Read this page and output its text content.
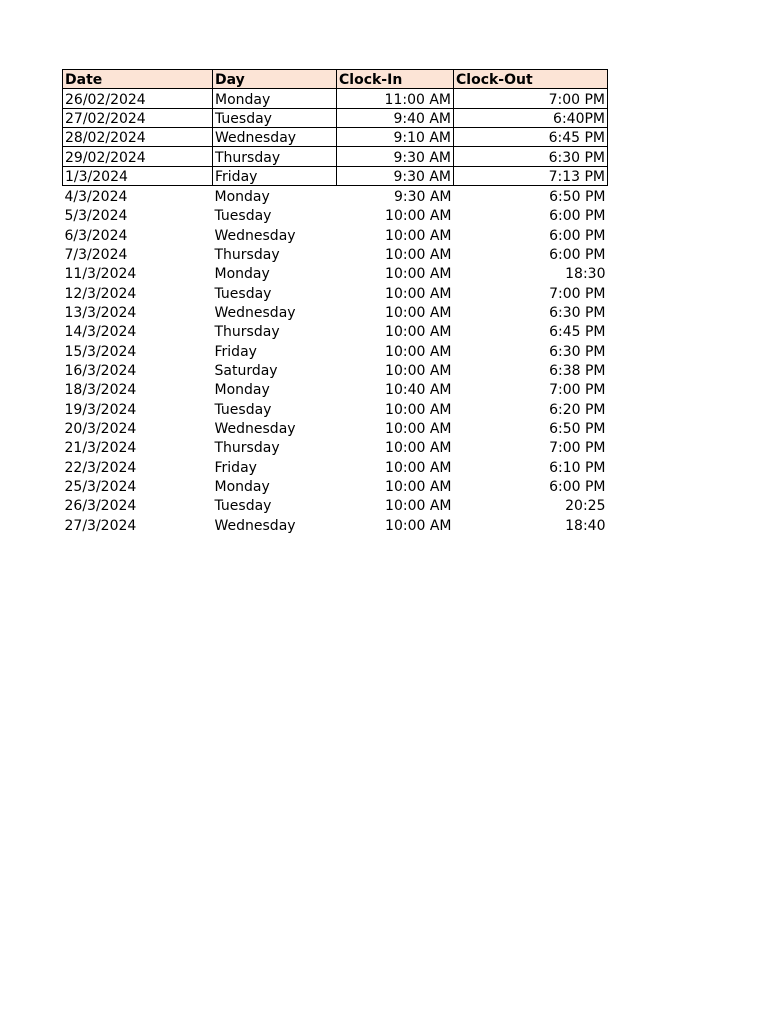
Date	Day	Clock-In	Clock-Out
26/02/2024	Monday	11:00 AM	7:00 PM
27/02/2024	Tuesday	9:40 AM	6:40PM
28/02/2024	Wednesday	9:10 AM	6:45 PM
29/02/2024	Thursday	9:30 AM	6:30 PM
1/3/2024	Friday	9:30 AM	7:13 PM
4/3/2024	Monday	9:30 AM	6:50 PM
5/3/2024	Tuesday	10:00 AM	6:00 PM
6/3/2024	Wednesday	10:00 AM	6:00 PM
7/3/2024	Thursday	10:00 AM	6:00 PM
11/3/2024	Monday	10:00 AM	18:30
12/3/2024	Tuesday	10:00 AM	7:00 PM
13/3/2024	Wednesday	10:00 AM	6:30 PM
14/3/2024	Thursday	10:00 AM	6:45 PM
15/3/2024	Friday	10:00 AM	6:30 PM
16/3/2024	Saturday	10:00 AM	6:38 PM
18/3/2024	Monday	10:40 AM	7:00 PM
19/3/2024	Tuesday	10:00 AM	6:20 PM
20/3/2024	Wednesday	10:00 AM	6:50 PM
21/3/2024	Thursday	10:00 AM	7:00 PM
22/3/2024	Friday	10:00 AM	6:10 PM
25/3/2024	Monday	10:00 AM	6:00 PM
26/3/2024	Tuesday	10:00 AM	20:25
27/3/2024	Wednesday	10:00 AM	18:40
